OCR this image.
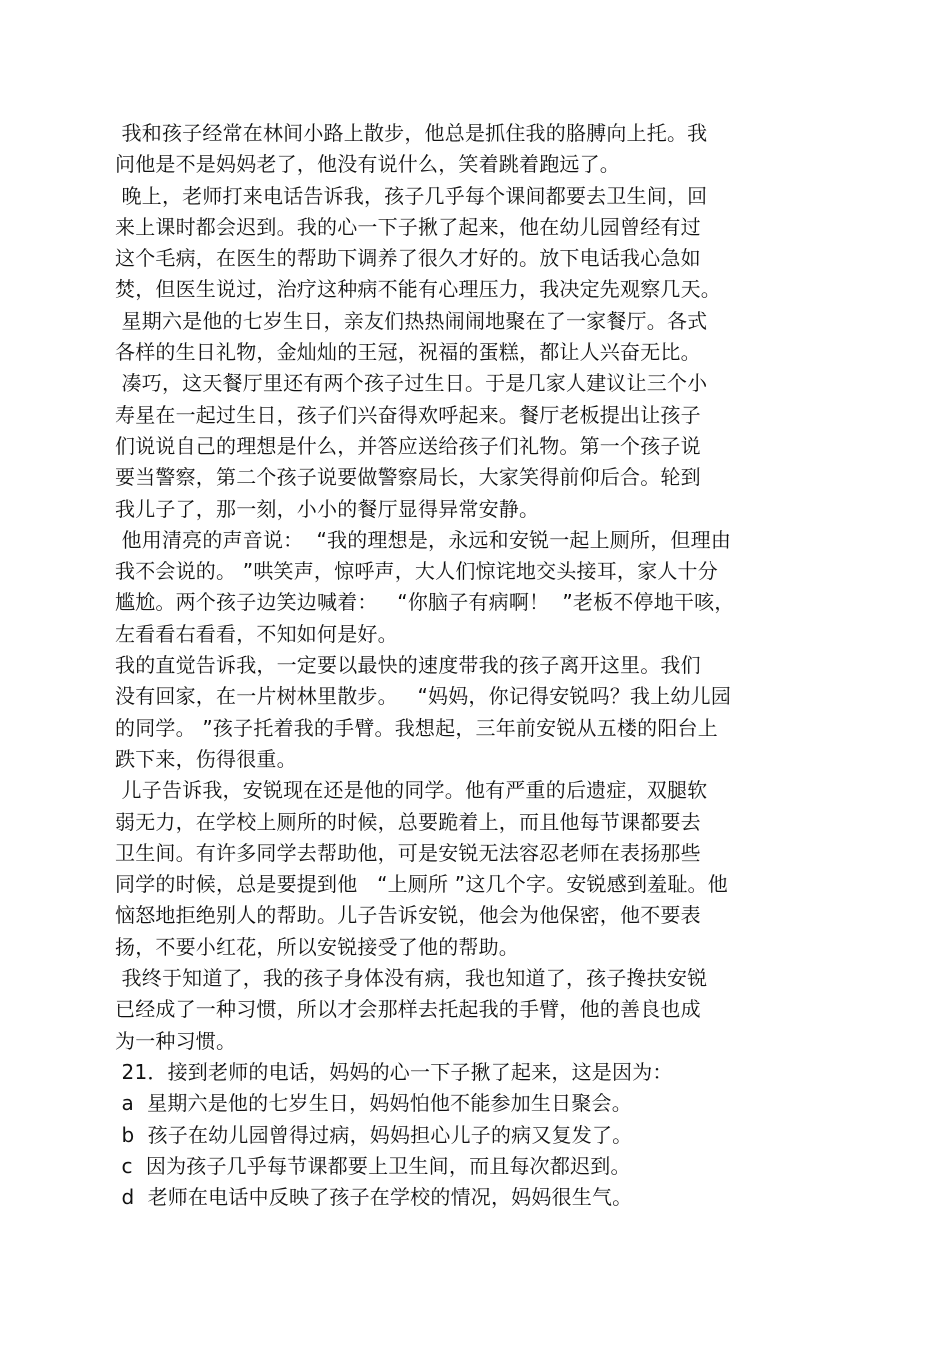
我和孩子经常在林间小路上散步，他总是抓住我的胳膊向上托。我
问他是不是妈妈老了，他没有说什么，笑着跳着跑远了。
晚上，老师打来电话告诉我，孩子几乎每个课间都要去卫生间，回
来上课时都会迟到。我的心一下子揪了起来，他在幼儿园曾经有过
这个毛病，在医生的帮助下调养了很久才好的。放下电话我心急如
焚，但医生说过，治疗这种病不能有心理压力，我决定先观察几天。
星期六是他的七岁生日，亲友们热热闹闹地聚在了一家餐厅。各式
各样的生日礼物，金灿灿的王冠，祝福的蛋糕，都让人兴奋无比。
凑巧，这天餐厅里还有两个孩子过生日。于是几家人建议让三个小
寿星在一起过生日，孩子们兴奋得欢呼起来。餐厅老板提出让孩子
们说说自己的理想是什么，并答应送给孩子们礼物。第一个孩子说
要当警察，第二个孩子说要做警察局长，大家笑得前仰后合。轮到
我儿子了，那一刻，小小的餐厅显得异常安静。
他用清亮的声音说：  “我的理想是，永远和安锐一起上厕所，但理由
我不会说的。 ”哄笑声，惊呼声，大人们惊诧地交头接耳，家人十分
尴尬。两个孩子边笑边喊着：   “你脑子有病啊！  ”老板不停地干咳，
左看看右看看，不知如何是好。
我的直觉告诉我，一定要以最快的速度带我的孩子离开这里。我们
没有回家，在一片树林里散步。   “妈妈，你记得安锐吗？我上幼儿园
的同学。 ”孩子托着我的手臂。我想起，三年前安锐从五楼的阳台上
跌下来，伤得很重。
儿子告诉我，安锐现在还是他的同学。他有严重的后遗症，双腿软
弱无力，在学校上厕所的时候，总要跪着上，而且他每节课都要去
卫生间。有许多同学去帮助他，可是安锐无法容忍老师在表扬那些
同学的时候，总是要提到他   “上厕所 ”这几个字。安锐感到羞耻。他
恼怒地拒绝别人的帮助。儿子告诉安锐，他会为他保密，他不要表
扬，不要小红花，所以安锐接受了他的帮助。
我终于知道了，我的孩子身体没有病，我也知道了，孩子搀扶安锐
已经成了一种习惯，所以才会那样去托起我的手臂，他的善良也成
为一种习惯。
21．接到老师的电话，妈妈的心一下子揪了起来，这是因为：
a  星期六是他的七岁生日，妈妈怕他不能参加生日聚会。
b  孩子在幼儿园曾得过病，妈妈担心儿子的病又复发了。
c  因为孩子几乎每节课都要上卫生间，而且每次都迟到。
d  老师在电话中反映了孩子在学校的情况，妈妈很生气。
